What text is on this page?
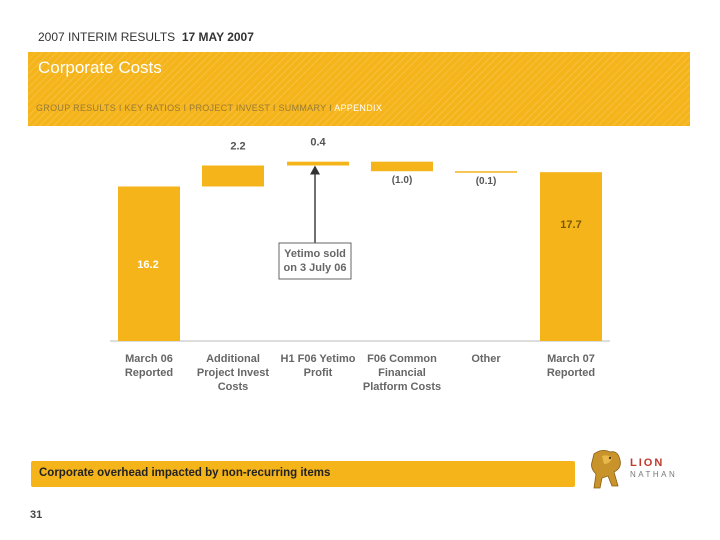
2007 INTERIM RESULTS 17 MAY 2007
Corporate Costs
GROUP RESULTS I KEY RATIOS I PROJECT INVEST I SUMMARY I APPENDIX
16.2
March 06
Reported
2.2
Additional
Project Invest
Costs
0.4
H1 F06 Yetimo
Profit
(1.0)
F06 Common
Financial
Platform Costs
(0.1)
Other
17.7
March 07
Reported
Yetimo sold
on 3 July 06
Corporate overhead impacted by non-recurring items
31
LION
NATHAN
